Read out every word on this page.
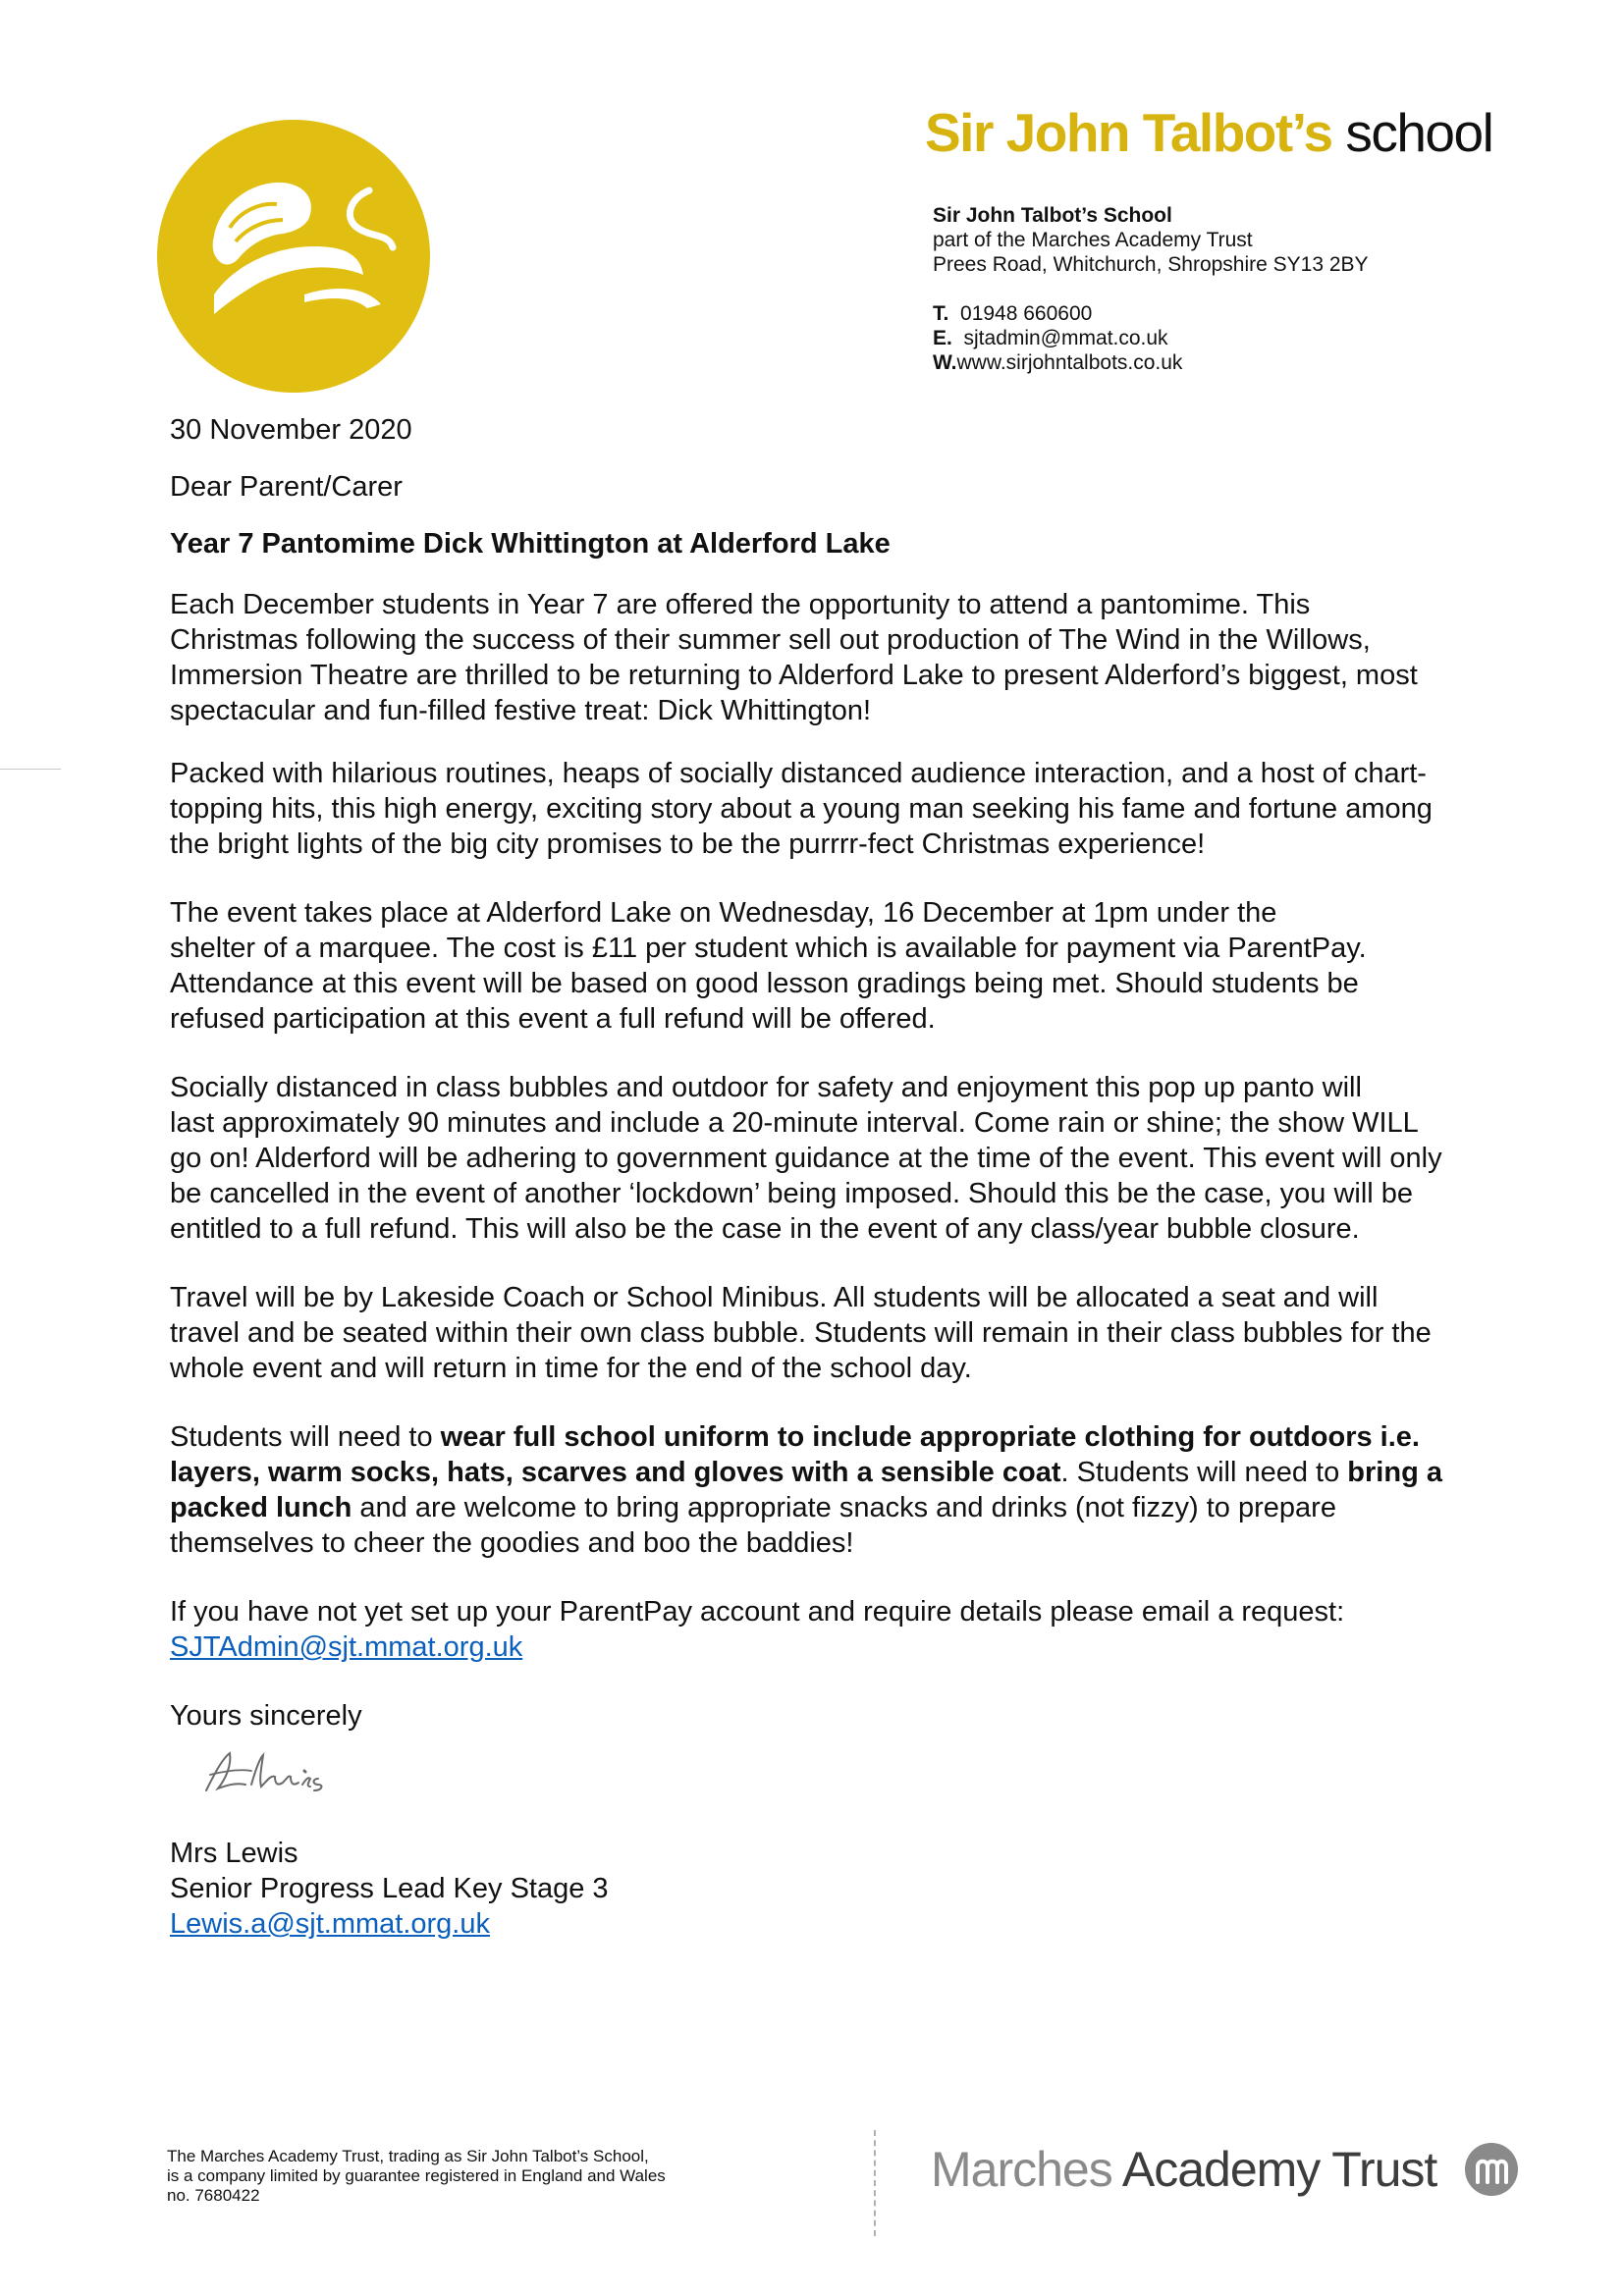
Sir John Talbot’s school
Sir John Talbot’s School
part of the Marches Academy Trust
Prees Road, Whitchurch, Shropshire SY13 2BY
T. 01948 660600
E. sjtadmin@mmat.co.uk
W.www.sirjohntalbots.co.uk
30 November 2020
Dear Parent/Carer
Year 7 Pantomime Dick Whittington at Alderford Lake
Each December students in Year 7 are offered the opportunity to attend a pantomime. This
Christmas following the success of their summer sell out production of The Wind in the Willows,
Immersion Theatre are thrilled to be returning to Alderford Lake to present Alderford’s biggest, most
spectacular and fun-filled festive treat: Dick Whittington!
Packed with hilarious routines, heaps of socially distanced audience interaction, and a host of chart-
topping hits, this high energy, exciting story about a young man seeking his fame and fortune among
the bright lights of the big city promises to be the purrrr-fect Christmas experience!
The event takes place at Alderford Lake on Wednesday, 16 December at 1pm under the
shelter of a marquee. The cost is £11 per student which is available for payment via ParentPay.
Attendance at this event will be based on good lesson gradings being met. Should students be
refused participation at this event a full refund will be offered.
Socially distanced in class bubbles and outdoor for safety and enjoyment this pop up panto will
last approximately 90 minutes and include a 20-minute interval. Come rain or shine; the show WILL
go on! Alderford will be adhering to government guidance at the time of the event. This event will only
be cancelled in the event of another ‘lockdown’ being imposed. Should this be the case, you will be
entitled to a full refund. This will also be the case in the event of any class/year bubble closure.
Travel will be by Lakeside Coach or School Minibus. All students will be allocated a seat and will
travel and be seated within their own class bubble. Students will remain in their class bubbles for the
whole event and will return in time for the end of the school day.
Students will need to wear full school uniform to include appropriate clothing for outdoors i.e.
layers, warm socks, hats, scarves and gloves with a sensible coat. Students will need to bring a
packed lunch and are welcome to bring appropriate snacks and drinks (not fizzy) to prepare
themselves to cheer the goodies and boo the baddies!
If you have not yet set up your ParentPay account and require details please email a request:
SJTAdmin@sjt.mmat.org.uk
Yours sincerely
Mrs Lewis
Senior Progress Lead Key Stage 3
Lewis.a@sjt.mmat.org.uk
The Marches Academy Trust, trading as Sir John Talbot’s School,
is a company limited by guarantee registered in England and Wales
no. 7680422	Marches Academy Trust
